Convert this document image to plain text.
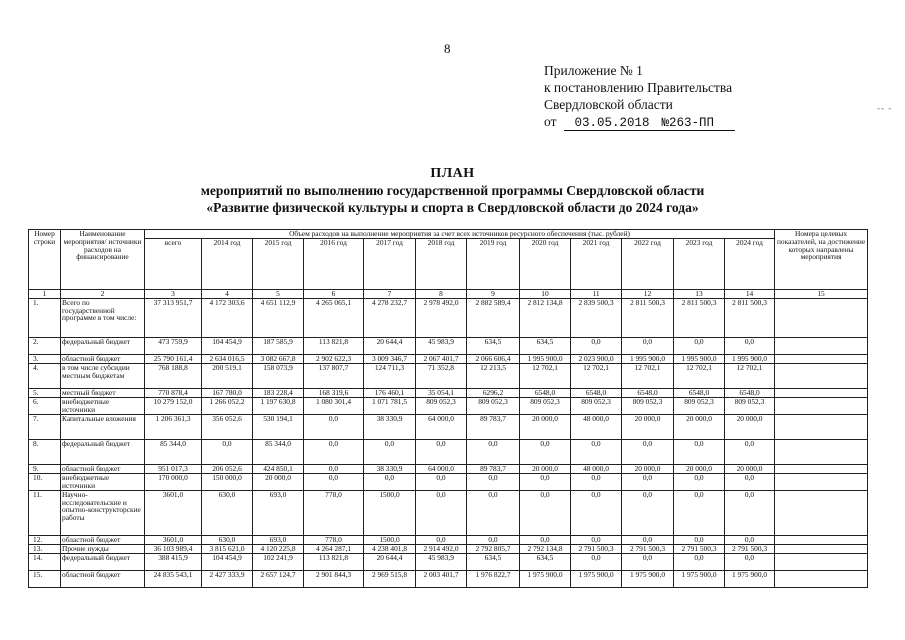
8
Приложение № 1
к постановлению Правительства
Свердловской области
от 03.05.2018 №263-ПП
-- -
ПЛАН
мероприятий по выполнению государственной программы Свердловской области
«Развитие физической культуры и спорта в Свердловской области до 2024 года»
Номер строки	Наименование мероприятия/ источники расходов на финансирование	Объем расходов на выполнение мероприятия за счет всех источников ресурсного обеспечения (тыс. рублей)												Номера целевых показателей, на достижение которых направлены мероприятия
		всего	2014 год	2015 год	2016 год	2017 год	2018 год	2019 год	2020 год	2021 год	2022 год	2023 год	2024 год	
1	2	3	4	5	6	7	8	9	10	11	12	13	14	15
1.	Всего по государственной программе в том числе:	37 313 951,7	4 172 303,6	4 651 112,9	4 265 065,1	4 278 232,7	2 978 492,0	2 882 589,4	2 812 134,8	2 839 500,3	2 811 500,3	2 811 500,3	2 811 500,3	
2.	федеральный бюджет	473 759,9	104 454,9	187 585,9	113 821,8	20 644,4	45 983,9	634,5	634,5	0,0	0,0	0,0	0,0	
3.	областной бюджет	25 790 161,4	2 634 016,5	3 082 667,8	2 902 622,3	3 009 346,7	2 067 401,7	2 066 606,4	1 995 900,0	2 023 900,0	1 995 900,0	1 995 900,0	1 995 900,0	
4.	в том числе субсидии местным бюджетам	768 188,8	200 519,1	158 073,9	137 807,7	124 711,3	71 352,8	12 213,5	12 702,1	12 702,1	12 702,1	12 702,1	12 702,1	
5.	местный бюджет	770 878,4	167 780,0	183 228,4	168 319,6	176 460,1	35 054,1	6296,2	6548,0	6548,0	6548,0	6548,0	6548,0	
6.	внебюджетные источники	10 279 152,0	1 266 052,2	1 197 630,8	1 080 301,4	1 071 781,5	809 052,3	809 052,3	809 052,3	809 052,3	809 052,3	809 052,3	809 052,3	
7.	Капитальные вложения	1 206 361,3	356 052,6	530 194,1	0,0	38 330,9	64 000,0	89 783,7	20 000,0	48 000,0	20 000,0	20 000,0	20 000,0	
8.	федеральный бюджет	85 344,0	0,0	85 344,0	0,0	0,0	0,0	0,0	0,0	0,0	0,0	0,0	0,0	
9.	областной бюджет	951 017,3	206 052,6	424 850,1	0,0	38 330,9	64 000,0	89 783,7	20 000,0	48 000,0	20 000,0	20 000,0	20 000,0	
10.	внебюджетные источники	170 000,0	150 000,0	20 000,0	0,0	0,0	0,0	0,0	0,0	0,0	0,0	0,0	0,0	
11.	Научно-исследовательские и опытно-конструкторские работы	3601,0	630,0	693,0	778,0	1500,0	0,0	0,0	0,0	0,0	0,0	0,0	0,0	
12.	областной бюджет	3601,0	630,0	693,0	778,0	1500,0	0,0	0,0	0,0	0,0	0,0	0,0	0,0	
13.	Прочие нужды	36 103 989,4	3 815 621,0	4 120 225,8	4 264 287,1	4 238 401,8	2 914 492,0	2 792 805,7	2 792 134,8	2 791 500,3	2 791 500,3	2 791 500,3	2 791 500,3	
14.	федеральный бюджет	388 415,9	104 454,9	102 241,9	113 821,8	20 644,4	45 983,9	634,5	634,5	0,0	0,0	0,0	0,0	
15.	областной бюджет	24 835 543,1	2 427 333,9	2 657 124,7	2 901 844,3	2 969 515,8	2 003 401,7	1 976 822,7	1 975 900,0	1 975 900,0	1 975 900,0	1 975 900,0	1 975 900,0	
